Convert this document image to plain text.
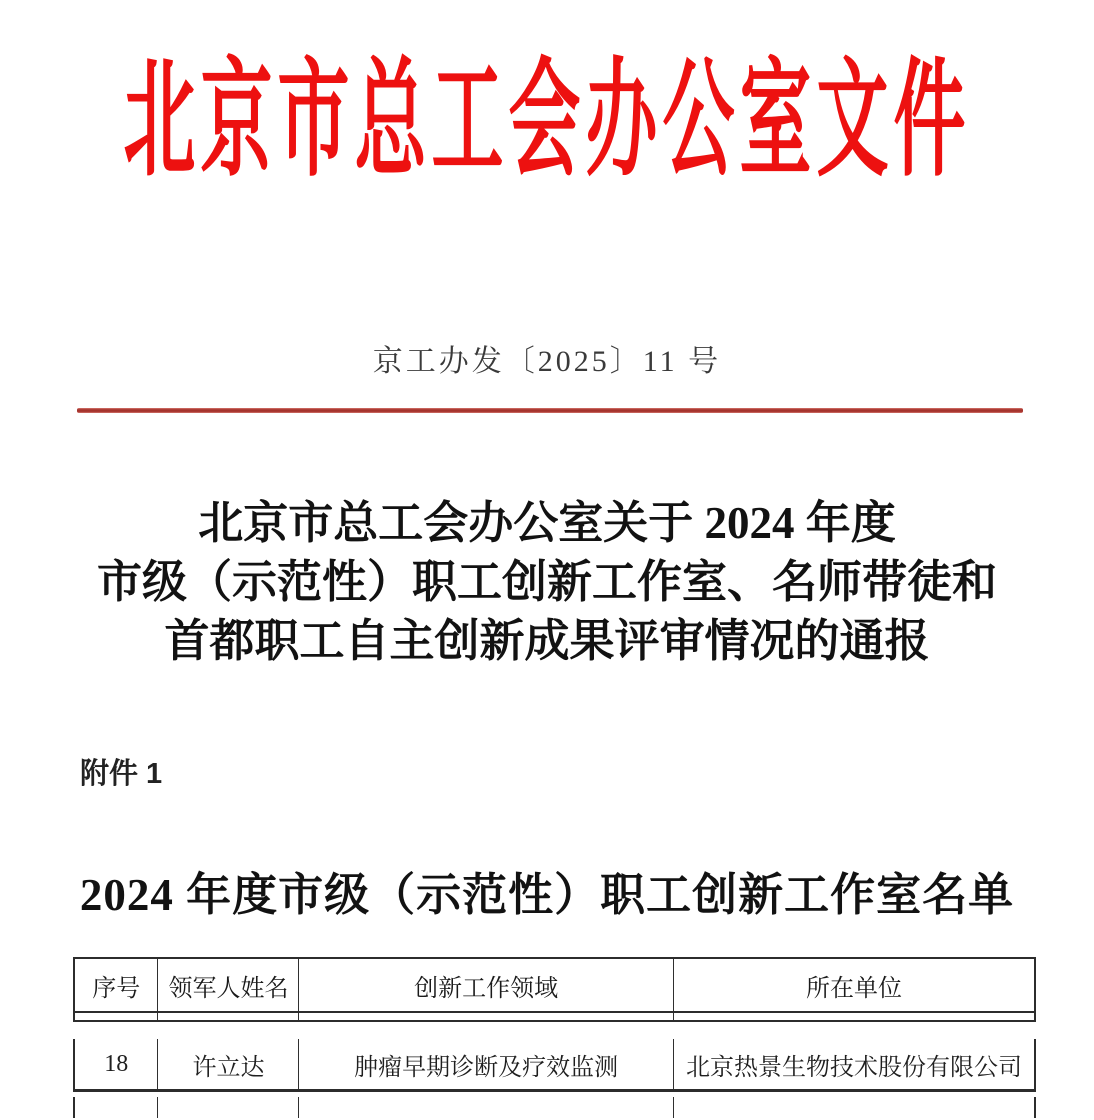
北京市总工会办公室文件
京工办发〔2025〕11 号
北京市总工会办公室关于 2024 年度
市级（示范性）职工创新工作室、名师带徒和
首都职工自主创新成果评审情况的通报
附件 1
2024 年度市级（示范性）职工创新工作室名单
序号	领军人姓名	创新工作领域	所在单位
18	许立达	肿瘤早期诊断及疗效监测	北京热景生物技术股份有限公司
